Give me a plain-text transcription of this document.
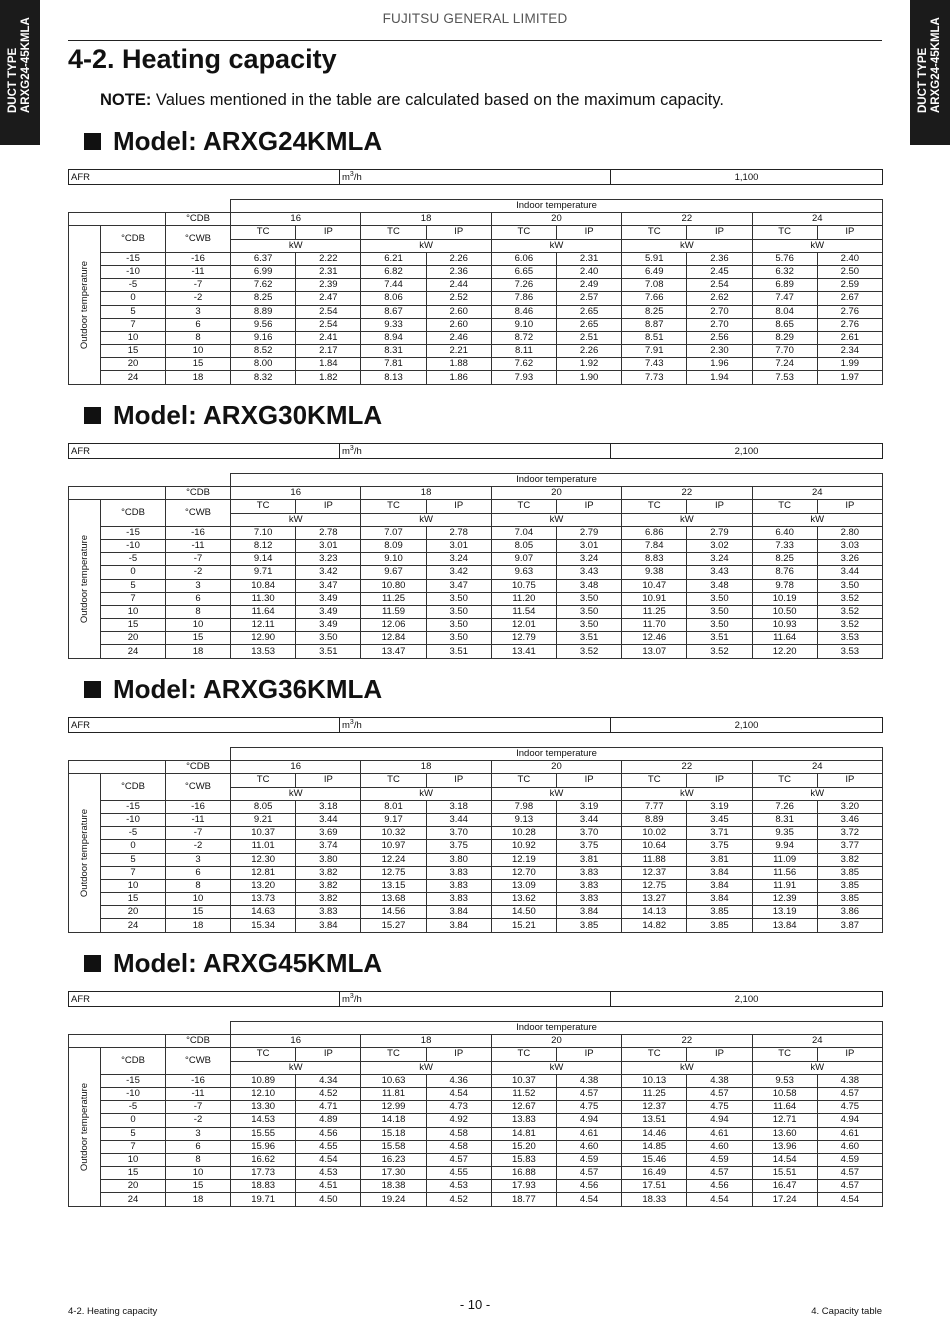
DUCT TYPE ARXG24-45KMLA	DUCT TYPE ARXG24-45KMLA
FUJITSU GENERAL LIMITED
4-2. Heating capacity
NOTE: Values mentioned in the table are calculated based on the maximum capacity.
Model: ARXG24KMLA
AFR	$m^3/h$	1,100
			Indoor temperature									
		°CDB	16		18		20		22		24	

Outdoor temperature	°CDB	°CWB	TC	IP	TC	IP	TC	IP	TC	IP	TC	IP
			kW		kW		kW		kW		kW	
	-15	-16	6.37	2.22	6.21	2.26	6.06	2.31	5.91	2.36	5.76	2.40
	-10	-11	6.99	2.31	6.82	2.36	6.65	2.40	6.49	2.45	6.32	2.50
	-5	-7	7.62	2.39	7.44	2.44	7.26	2.49	7.08	2.54	6.89	2.59
	0	-2	8.25	2.47	8.06	2.52	7.86	2.57	7.66	2.62	7.47	2.67
	5	3	8.89	2.54	8.67	2.60	8.46	2.65	8.25	2.70	8.04	2.76
	7	6	9.56	2.54	9.33	2.60	9.10	2.65	8.87	2.70	8.65	2.76
	10	8	9.16	2.41	8.94	2.46	8.72	2.51	8.51	2.56	8.29	2.61
	15	10	8.52	2.17	8.31	2.21	8.11	2.26	7.91	2.30	7.70	2.34
	20	15	8.00	1.84	7.81	1.88	7.62	1.92	7.43	1.96	7.24	1.99
	24	18	8.32	1.82	8.13	1.86	7.93	1.90	7.73	1.94	7.53	1.97
Model: ARXG30KMLA
AFR	$m^3/h$	2,100
			Indoor temperature									
		°CDB	16		18		20		22		24	

Outdoor temperature	°CDB	°CWB	TC	IP	TC	IP	TC	IP	TC	IP	TC	IP
			kW		kW		kW		kW		kW	
	-15	-16	7.10	2.78	7.07	2.78	7.04	2.79	6.86	2.79	6.40	2.80
	-10	-11	8.12	3.01	8.09	3.01	8.05	3.01	7.84	3.02	7.33	3.03
	-5	-7	9.14	3.23	9.10	3.24	9.07	3.24	8.83	3.24	8.25	3.26
	0	-2	9.71	3.42	9.67	3.42	9.63	3.43	9.38	3.43	8.76	3.44
	5	3	10.84	3.47	10.80	3.47	10.75	3.48	10.47	3.48	9.78	3.50
	7	6	11.30	3.49	11.25	3.50	11.20	3.50	10.91	3.50	10.19	3.52
	10	8	11.64	3.49	11.59	3.50	11.54	3.50	11.25	3.50	10.50	3.52
	15	10	12.11	3.49	12.06	3.50	12.01	3.50	11.70	3.50	10.93	3.52
	20	15	12.90	3.50	12.84	3.50	12.79	3.51	12.46	3.51	11.64	3.53
	24	18	13.53	3.51	13.47	3.51	13.41	3.52	13.07	3.52	12.20	3.53
Model: ARXG36KMLA
AFR	$m^3/h$	2,100
			Indoor temperature									
		°CDB	16		18		20		22		24	

Outdoor temperature	°CDB	°CWB	TC	IP	TC	IP	TC	IP	TC	IP	TC	IP
			kW		kW		kW		kW		kW	
	-15	-16	8.05	3.18	8.01	3.18	7.98	3.19	7.77	3.19	7.26	3.20
	-10	-11	9.21	3.44	9.17	3.44	9.13	3.44	8.89	3.45	8.31	3.46
	-5	-7	10.37	3.69	10.32	3.70	10.28	3.70	10.02	3.71	9.35	3.72
	0	-2	11.01	3.74	10.97	3.75	10.92	3.75	10.64	3.75	9.94	3.77
	5	3	12.30	3.80	12.24	3.80	12.19	3.81	11.88	3.81	11.09	3.82
	7	6	12.81	3.82	12.75	3.83	12.70	3.83	12.37	3.84	11.56	3.85
	10	8	13.20	3.82	13.15	3.83	13.09	3.83	12.75	3.84	11.91	3.85
	15	10	13.73	3.82	13.68	3.83	13.62	3.83	13.27	3.84	12.39	3.85
	20	15	14.63	3.83	14.56	3.84	14.50	3.84	14.13	3.85	13.19	3.86
	24	18	15.34	3.84	15.27	3.84	15.21	3.85	14.82	3.85	13.84	3.87
Model: ARXG45KMLA
AFR	$m^3/h$	2,100
			Indoor temperature									
		°CDB	16		18		20		22		24	

Outdoor temperature	°CDB	°CWB	TC	IP	TC	IP	TC	IP	TC	IP	TC	IP
			kW		kW		kW		kW		kW	
	-15	-16	10.89	4.34	10.63	4.36	10.37	4.38	10.13	4.38	9.53	4.38
	-10	-11	12.10	4.52	11.81	4.54	11.52	4.57	11.25	4.57	10.58	4.57
	-5	-7	13.30	4.71	12.99	4.73	12.67	4.75	12.37	4.75	11.64	4.75
	0	-2	14.53	4.89	14.18	4.92	13.83	4.94	13.51	4.94	12.71	4.94
	5	3	15.55	4.56	15.18	4.58	14.81	4.61	14.46	4.61	13.60	4.61
	7	6	15.96	4.55	15.58	4.58	15.20	4.60	14.85	4.60	13.96	4.60
	10	8	16.62	4.54	16.23	4.57	15.83	4.59	15.46	4.59	14.54	4.59
	15	10	17.73	4.53	17.30	4.55	16.88	4.57	16.49	4.57	15.51	4.57
	20	15	18.83	4.51	18.38	4.53	17.93	4.56	17.51	4.56	16.47	4.57
	24	18	19.71	4.50	19.24	4.52	18.77	4.54	18.33	4.54	17.24	4.54
4-2. Heating capacity	- 10 -	4. Capacity table
